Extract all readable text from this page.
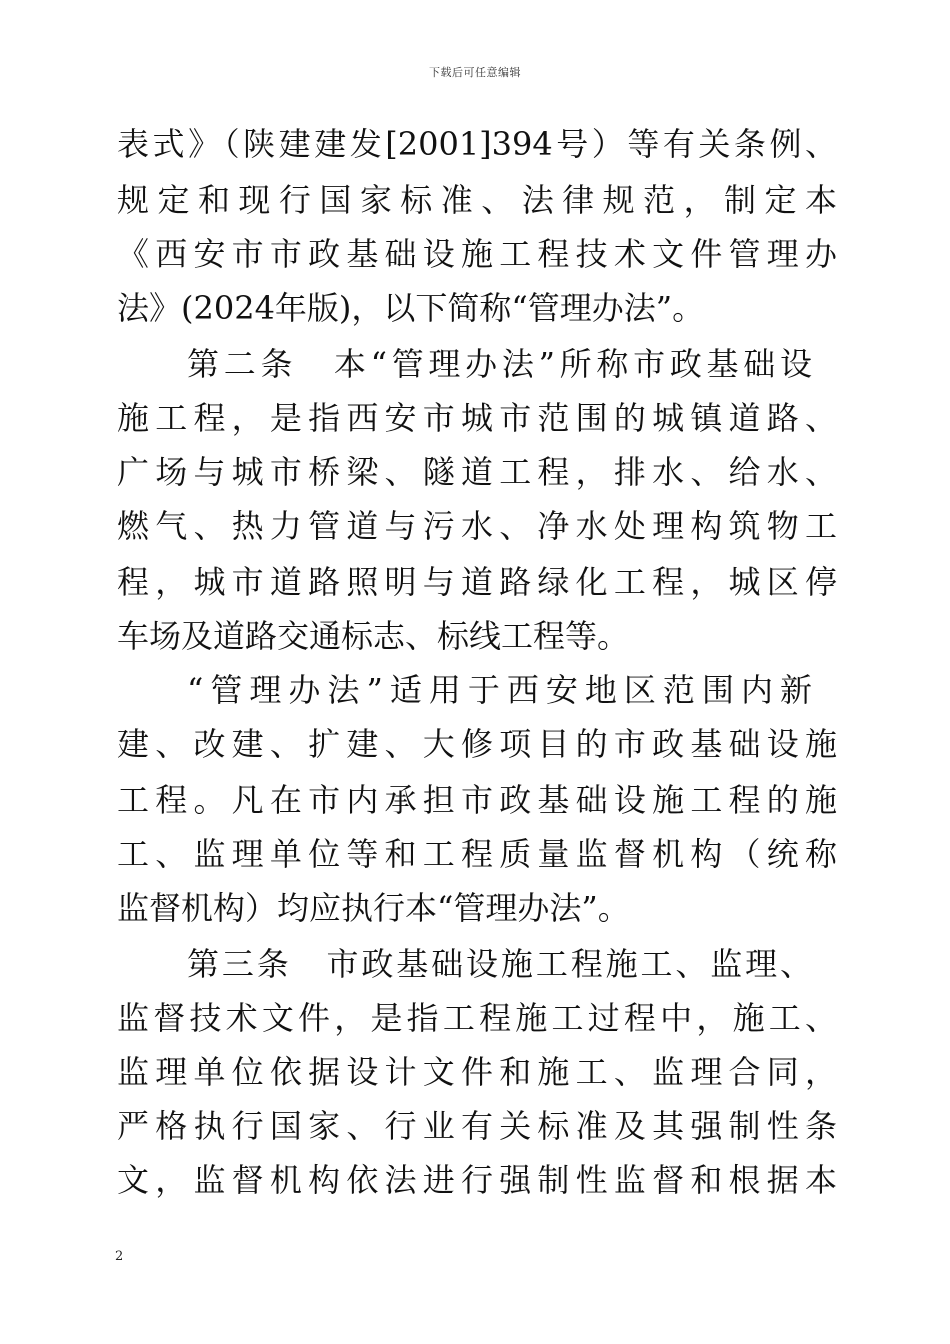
下载后可任意编辑
表式》（陕建建发[2001]394号）等有关条例、
规定和现行国家标准、法律规范，制定本
《西安市市政基础设施工程技术文件管理办
法》(2024年版)，以下简称“管理办法”。
第二条　本“管理办法”所称市政基础设
施工程，是指西安市城市范围的城镇道路、
广场与城市桥梁、隧道工程，排水、给水、
燃气、热力管道与污水、净水处理构筑物工
程，城市道路照明与道路绿化工程，城区停
车场及道路交通标志、标线工程等。
“管理办法”适用于西安地区范围内新
建、改建、扩建、大修项目的市政基础设施
工程。凡在市内承担市政基础设施工程的施
工、监理单位等和工程质量监督机构（统称
监督机构）均应执行本“管理办法”。
第三条　市政基础设施工程施工、监理、
监督技术文件，是指工程施工过程中，施工、
监理单位依据设计文件和施工、监理合同，
严格执行国家、行业有关标准及其强制性条
文，监督机构依法进行强制性监督和根据本
2
